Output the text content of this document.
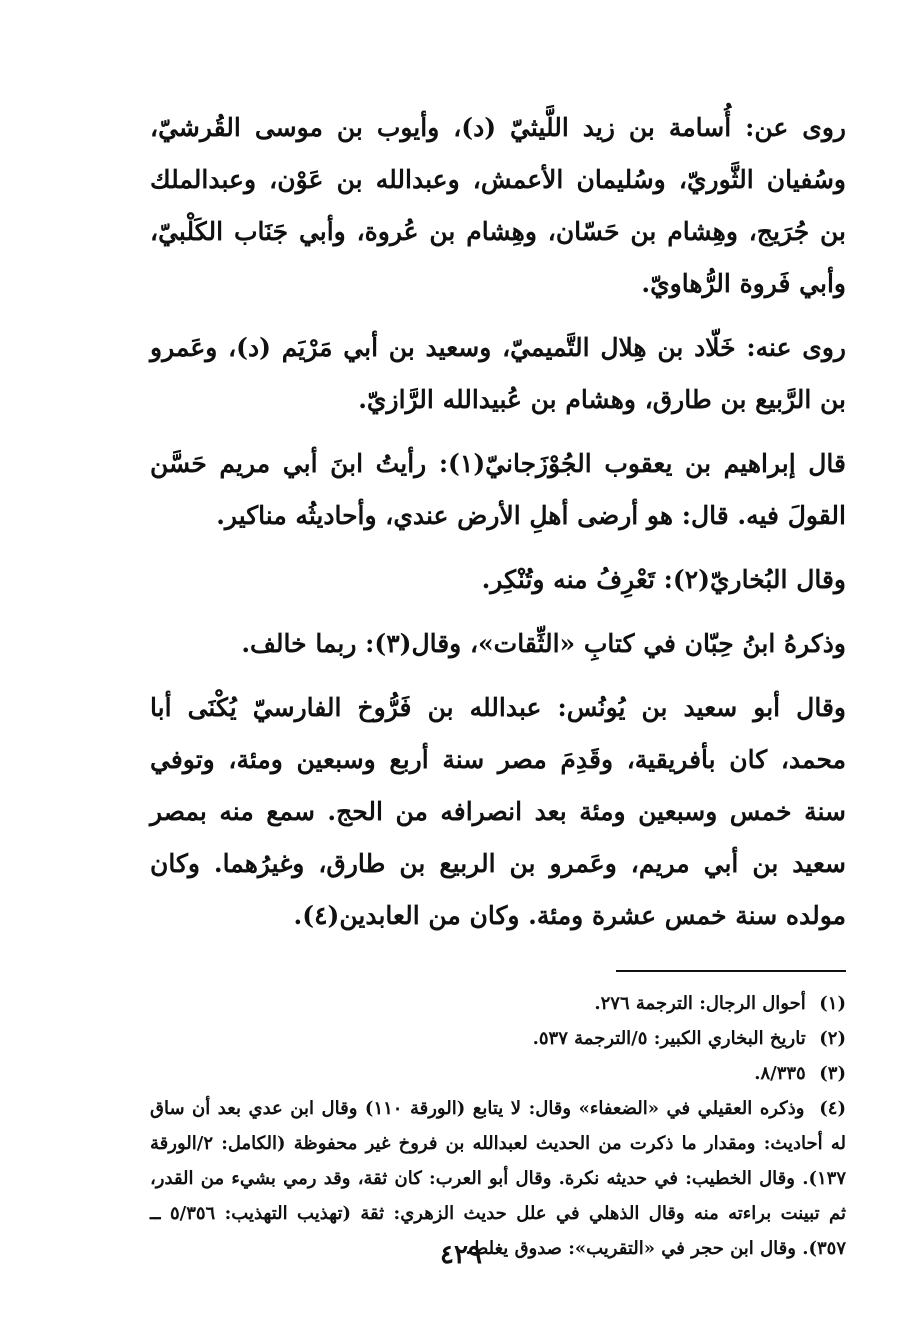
روى عن: أُسامة بن زيد اللَّيثيّ (د)، وأيوب بن موسى القُرشيّ، وسُفيان الثَّوريّ، وسُليمان الأعمش، وعبدالله بن عَوْن، وعبدالملك بن جُرَيج، وهِشام بن حَسّان، وهِشام بن عُروة، وأبي جَنَاب الكَلْبيّ، وأبي فَروة الرُّهاويّ.

روى عنه: خَلّاد بن هِلال التَّميميّ، وسعيد بن أبي مَرْيَم (د)، وعَمرو بن الرَّبيع بن طارق، وهشام بن عُبيدالله الرَّازيّ.

قال إبراهيم بن يعقوب الجُوْزَجانيّ(١): رأيتُ ابنَ أبي مريم حَسَّن القولَ فيه. قال: هو أرضى أهلِ الأرض عندي، وأحاديثُه مناكير.

وقال البُخاريّ(٢): تَعْرِفُ منه وتُنْكِر.

وذكرهُ ابنُ حِبّان في كتابِ «الثِّقات»، وقال(٣): ربما خالف.

وقال أبو سعيد بن يُونُس: عبدالله بن فَرُّوخ الفارسيّ يُكْنَى أبا محمد، كان بأفريقية، وقَدِمَ مصر سنة أربع وسبعين ومئة، وتوفي سنة خمس وسبعين ومئة بعد انصرافه من الحج. سمع منه بمصر سعيد بن أبي مريم، وعَمرو بن الربيع بن طارق، وغيرُهما. وكان مولده سنة خمس عشرة ومئة. وكان من العابدين(٤).

(١) أحوال الرجال: الترجمة ٢٧٦.

(٢) تاريخ البخاري الكبير: ٥/الترجمة ٥٣٧.

(٣) ٨/٣٣٥.

(٤) وذكره العقيلي في «الضعفاء» وقال: لا يتابع (الورقة ١١٠) وقال ابن عدي بعد أن ساق له أحاديث: ومقدار ما ذكرت من الحديث لعبدالله بن فروخ غير محفوظة (الكامل: ٢/الورقة ١٣٧). وقال الخطيب: في حديثه نكرة. وقال أبو العرب: كان ثقة، وقد رمي بشيء من القدر، ثم تبينت براءته منه وقال الذهلي في علل حديث الزهري: ثقة (تهذيب التهذيب: ٥/٣٥٦ ــ ٣٥٧). وقال ابن حجر في «التقريب»: صدوق يغلط.

٤٢٩
